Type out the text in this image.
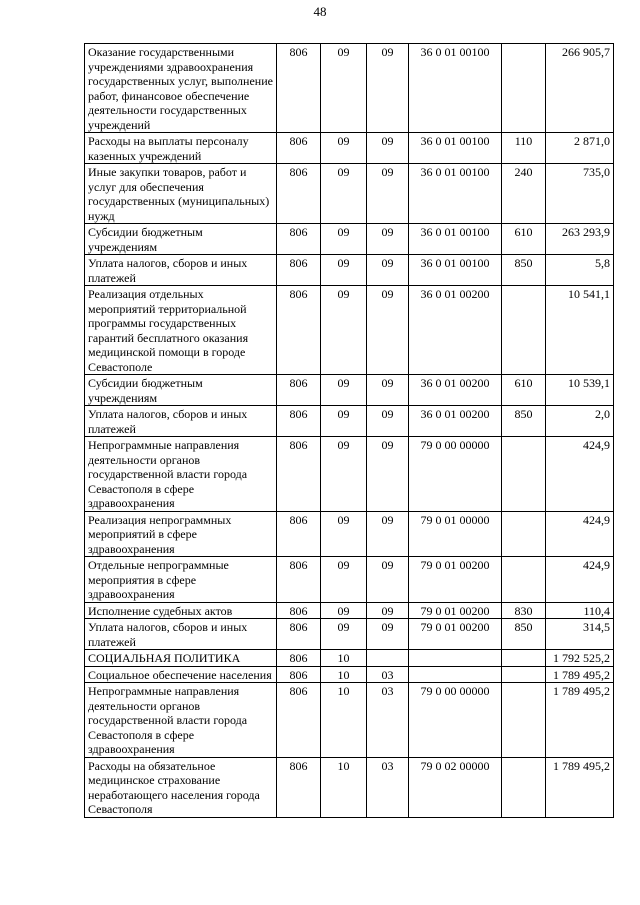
48
Оказание государственными учреждениями здравоохранения государственных услуг, выполнение работ, финансовое обеспечение деятельности государственных учреждений	806	09	09	36 0 01 00100		266 905,7
Расходы на выплаты персоналу казенных учреждений	806	09	09	36 0 01 00100	110	2 871,0
Иные закупки товаров, работ и услуг для обеспечения государственных (муниципальных) нужд	806	09	09	36 0 01 00100	240	735,0
Субсидии бюджетным учреждениям	806	09	09	36 0 01 00100	610	263 293,9
Уплата налогов, сборов и иных платежей	806	09	09	36 0 01 00100	850	5,8
Реализация отдельных мероприятий территориальной программы государственных гарантий бесплатного оказания медицинской помощи в городе Севастополе	806	09	09	36 0 01 00200		10 541,1
Субсидии бюджетным учреждениям	806	09	09	36 0 01 00200	610	10 539,1
Уплата налогов, сборов и иных платежей	806	09	09	36 0 01 00200	850	2,0
Непрограммные направления деятельности органов государственной власти города Севастополя в сфере здравоохранения	806	09	09	79 0 00 00000		424,9
Реализация непрограммных мероприятий в сфере здравоохранения	806	09	09	79 0 01 00000		424,9
Отдельные непрограммные мероприятия в сфере здравоохранения	806	09	09	79 0 01 00200		424,9
Исполнение судебных актов	806	09	09	79 0 01 00200	830	110,4
Уплата налогов, сборов и иных платежей	806	09	09	79 0 01 00200	850	314,5
СОЦИАЛЬНАЯ ПОЛИТИКА	806	10				1 792 525,2
Социальное обеспечение населения	806	10	03			1 789 495,2
Непрограммные направления деятельности органов государственной власти города Севастополя в сфере здравоохранения	806	10	03	79 0 00 00000		1 789 495,2
Расходы на обязательное медицинское страхование неработающего населения города Севастополя	806	10	03	79 0 02 00000		1 789 495,2
